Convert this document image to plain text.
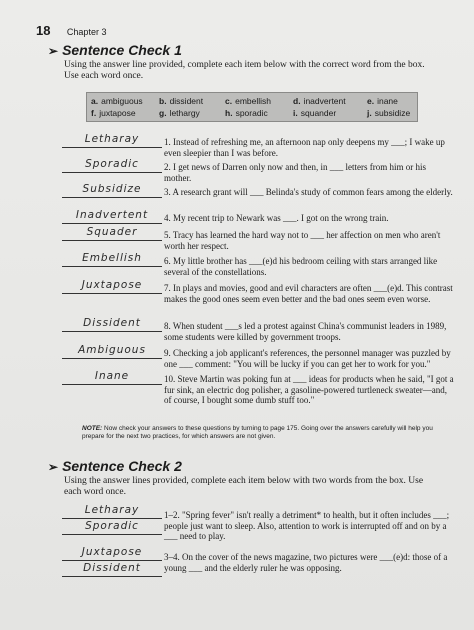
18 Chapter 3
➢ Sentence Check 1
Using the answer line provided, complete each item below with the correct word from the box. Use each word once.
a. ambiguous b. dissident	c. embellish	d. inadvertent	e. inane
f. juxtapose	g. lethargy	h. sporadic	i. squander	j. subsidize
Letharay	1. Instead of refreshing me, an afternoon nap only deepens my ___; I wake up even sleepier than I was before.
Sporadic	2. I get news of Darren only now and then, in ___ letters from him or his mother.
Subsidize	3. A research grant will ___ Belinda's study of common fears among the elderly.
Inadvertent	4. My recent trip to Newark was ___. I got on the wrong train.
Squader	5. Tracy has learned the hard way not to ___ her affection on men who aren't worth her respect.
Embellish	6. My little brother has ___(e)d his bedroom ceiling with stars arranged like several of the constellations.
Juxtapose	7. In plays and movies, good and evil characters are often ___(e)d. This contrast makes the good ones seem even better and the bad ones seem even worse.
Dissident	8. When student ___s led a protest against China's communist leaders in 1989, some students were killed by government troops.
Ambiguous	9. Checking a job applicant's references, the personnel manager was puzzled by one ___ comment: "You will be lucky if you can get her to work for you."
Inane	10. Steve Martin was poking fun at ___ ideas for products when he said, "I got a fur sink, an electric dog polisher, a gasoline-powered turtleneck sweater—and, of course, I bought some dumb stuff too."
NOTE: Now check your answers to these questions by turning to page 175. Going over the answers carefully will help you prepare for the next two practices, for which answers are not given.
➢ Sentence Check 2
Using the answer lines provided, complete each item below with two words from the box. Use each word once.
Letharay
Sporadic
1–2. "Spring fever" isn't really a detriment* to health, but it often includes ___; people just want to sleep. Also, attention to work is interrupted off and on by a ___ need to play.
Juxtapose
Dissident
3–4. On the cover of the news magazine, two pictures were ___(e)d: those of a young ___ and the elderly ruler he was opposing.
